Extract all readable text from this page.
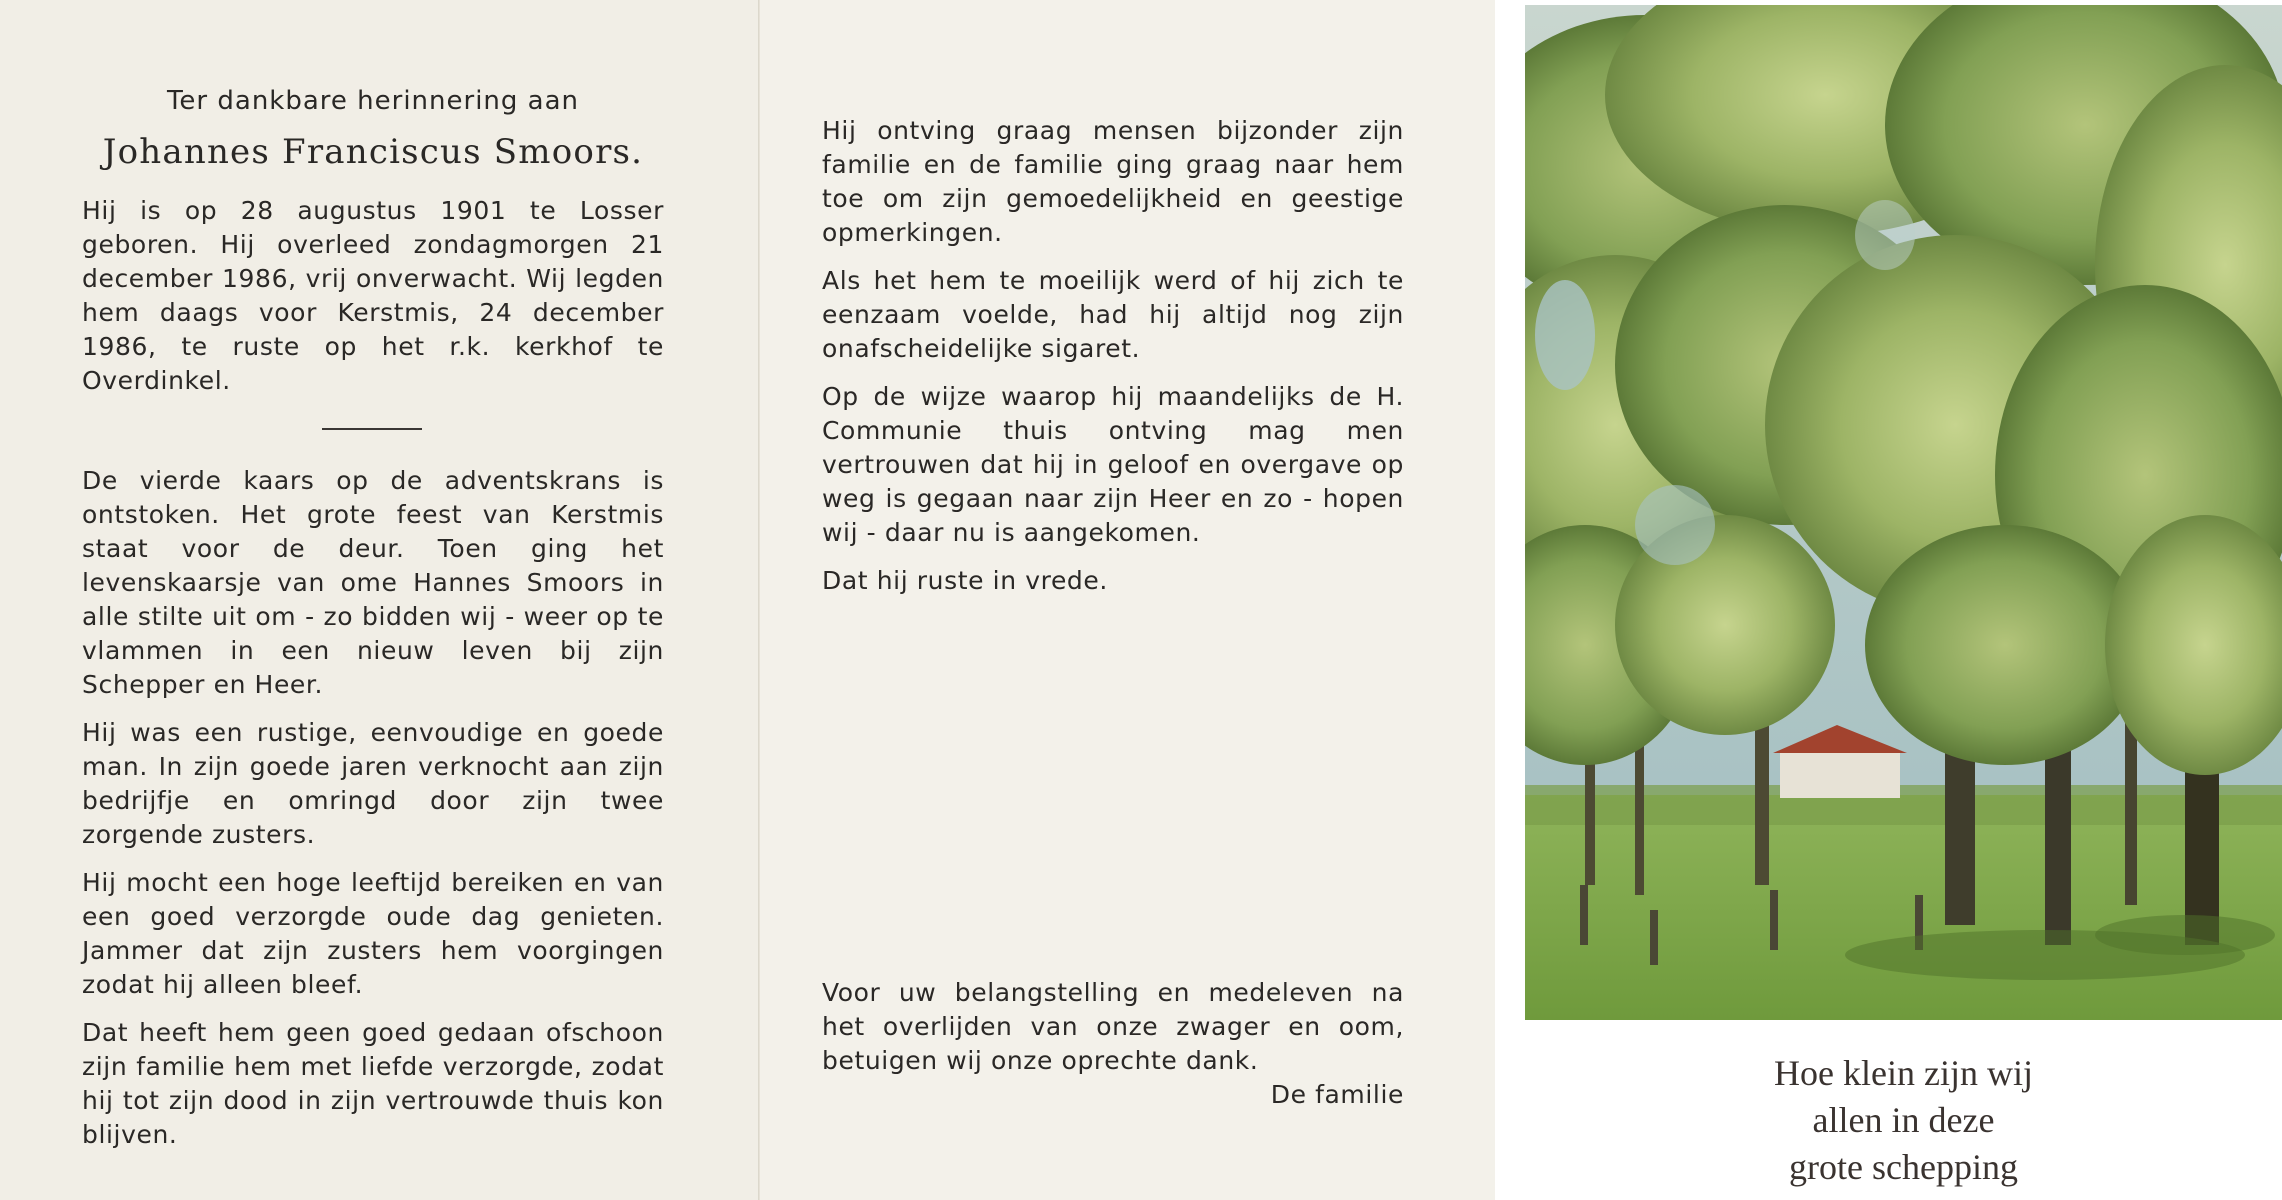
Ter dankbare herinnering aan
Johannes Franciscus Smoors.

Hij is op 28 augustus 1901 te Losser geboren. Hij overleed zondagmorgen 21 december 1986, vrij onverwacht. Wij legden hem daags voor Kerstmis, 24 december 1986, te ruste op het r.k. kerkhof te Overdinkel.

De vierde kaars op de adventskrans is ontstoken. Het grote feest van Kerstmis staat voor de deur. Toen ging het levenskaarsje van ome Hannes Smoors in alle stilte uit om - zo bidden wij - weer op te vlammen in een nieuw leven bij zijn Schepper en Heer.

Hij was een rustige, eenvoudige en goede man. In zijn goede jaren verknocht aan zijn bedrijfje en omringd door zijn twee zorgende zusters.

Hij mocht een hoge leeftijd bereiken en van een goed verzorgde oude dag genieten. Jammer dat zijn zusters hem voorgingen zodat hij alleen bleef.

Dat heeft hem geen goed gedaan ofschoon zijn familie hem met liefde verzorgde, zodat hij tot zijn dood in zijn vertrouwde thuis kon blijven.

Hij ontving graag mensen bijzonder zijn familie en de familie ging graag naar hem toe om zijn gemoedelijkheid en geestige opmerkingen.

Als het hem te moeilijk werd of hij zich te eenzaam voelde, had hij altijd nog zijn onafscheidelijke sigaret.

Op de wijze waarop hij maandelijks de H. Communie thuis ontving mag men vertrouwen dat hij in geloof en overgave op weg is gegaan naar zijn Heer en zo - hopen wij - daar nu is aangekomen.

Dat hij ruste in vrede.

Voor uw belangstelling en medeleven na het overlijden van onze zwager en oom, betuigen wij onze oprechte dank.

De familie
Hoe klein zijn wij
allen in deze
grote schepping
